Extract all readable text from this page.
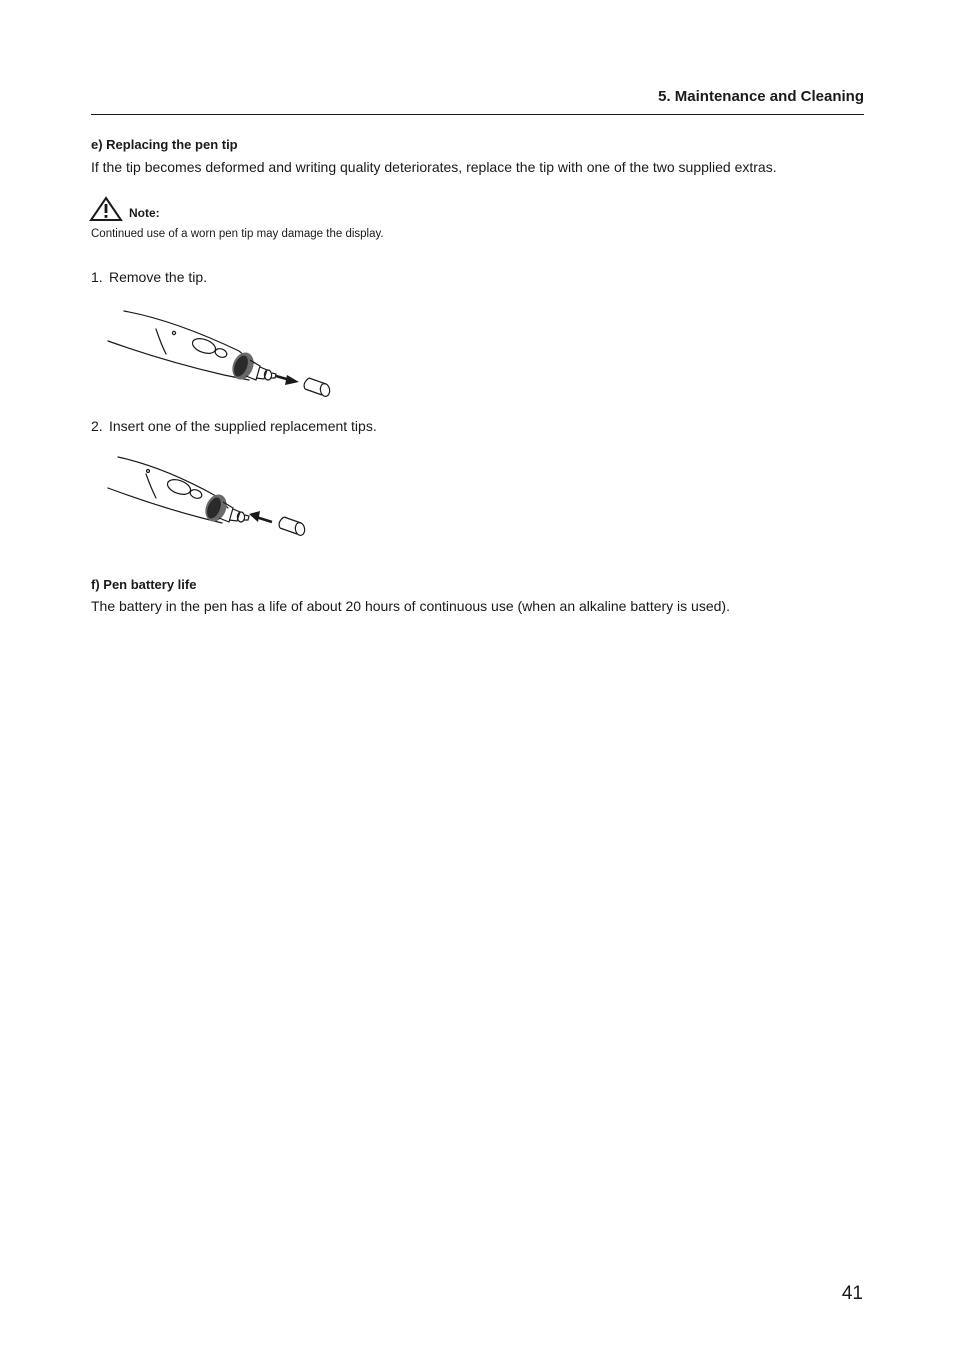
5. Maintenance and Cleaning
e) Replacing the pen tip
If the tip becomes deformed and writing quality deteriorates, replace the tip with one of the two supplied extras.
Note:
Continued use of a worn pen tip may damage the display.
1. Remove the tip.
2. Insert one of the supplied replacement tips.
f) Pen battery life
The battery in the pen has a life of about 20 hours of continuous use (when an alkaline battery is used).
41
